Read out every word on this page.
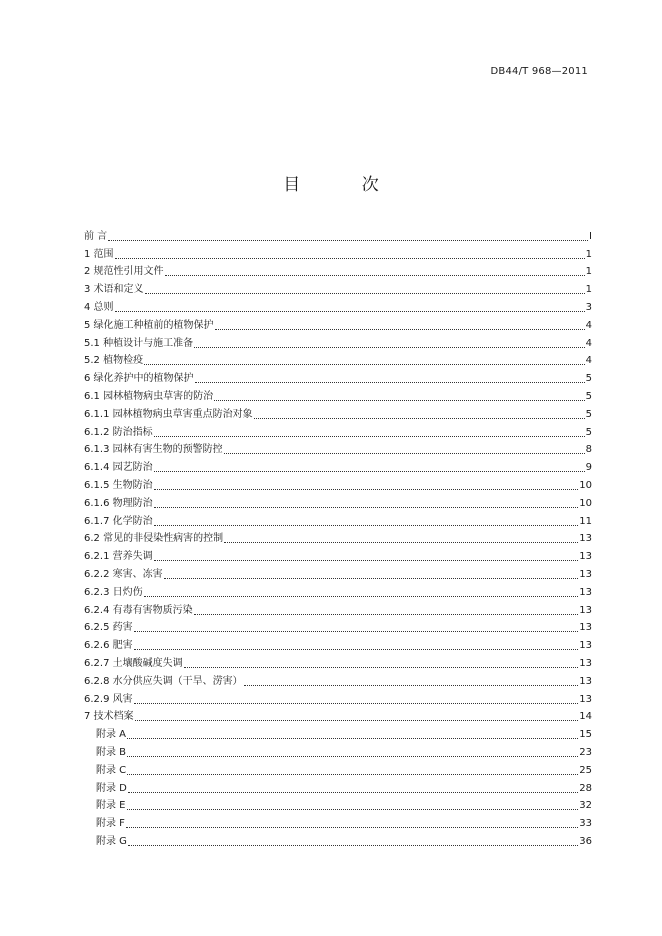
DB44/T 968—2011
目 次
前 言	I
1 范围	1
2 规范性引用文件	1
3 术语和定义	1
4 总则	3
5 绿化施工种植前的植物保护	4
5.1 种植设计与施工准备	4
5.2 植物检疫	4
6 绿化养护中的植物保护	5
6.1 园林植物病虫草害的防治	5
6.1.1 园林植物病虫草害重点防治对象	5
6.1.2 防治指标	5
6.1.3 园林有害生物的预警防控	8
6.1.4 园艺防治	9
6.1.5 生物防治	10
6.1.6 物理防治	10
6.1.7 化学防治	11
6.2 常见的非侵染性病害的控制	13
6.2.1 营养失调	13
6.2.2 寒害、冻害	13
6.2.3 日灼伤	13
6.2.4 有毒有害物质污染	13
6.2.5 药害	13
6.2.6 肥害	13
6.2.7 土壤酸碱度失调	13
6.2.8 水分供应失调（干旱、涝害）	13
6.2.9 风害	13
7 技术档案	14
附录 A	15
附录 B	23
附录 C	25
附录 D	28
附录 E	32
附录 F	33
附录 G	36
